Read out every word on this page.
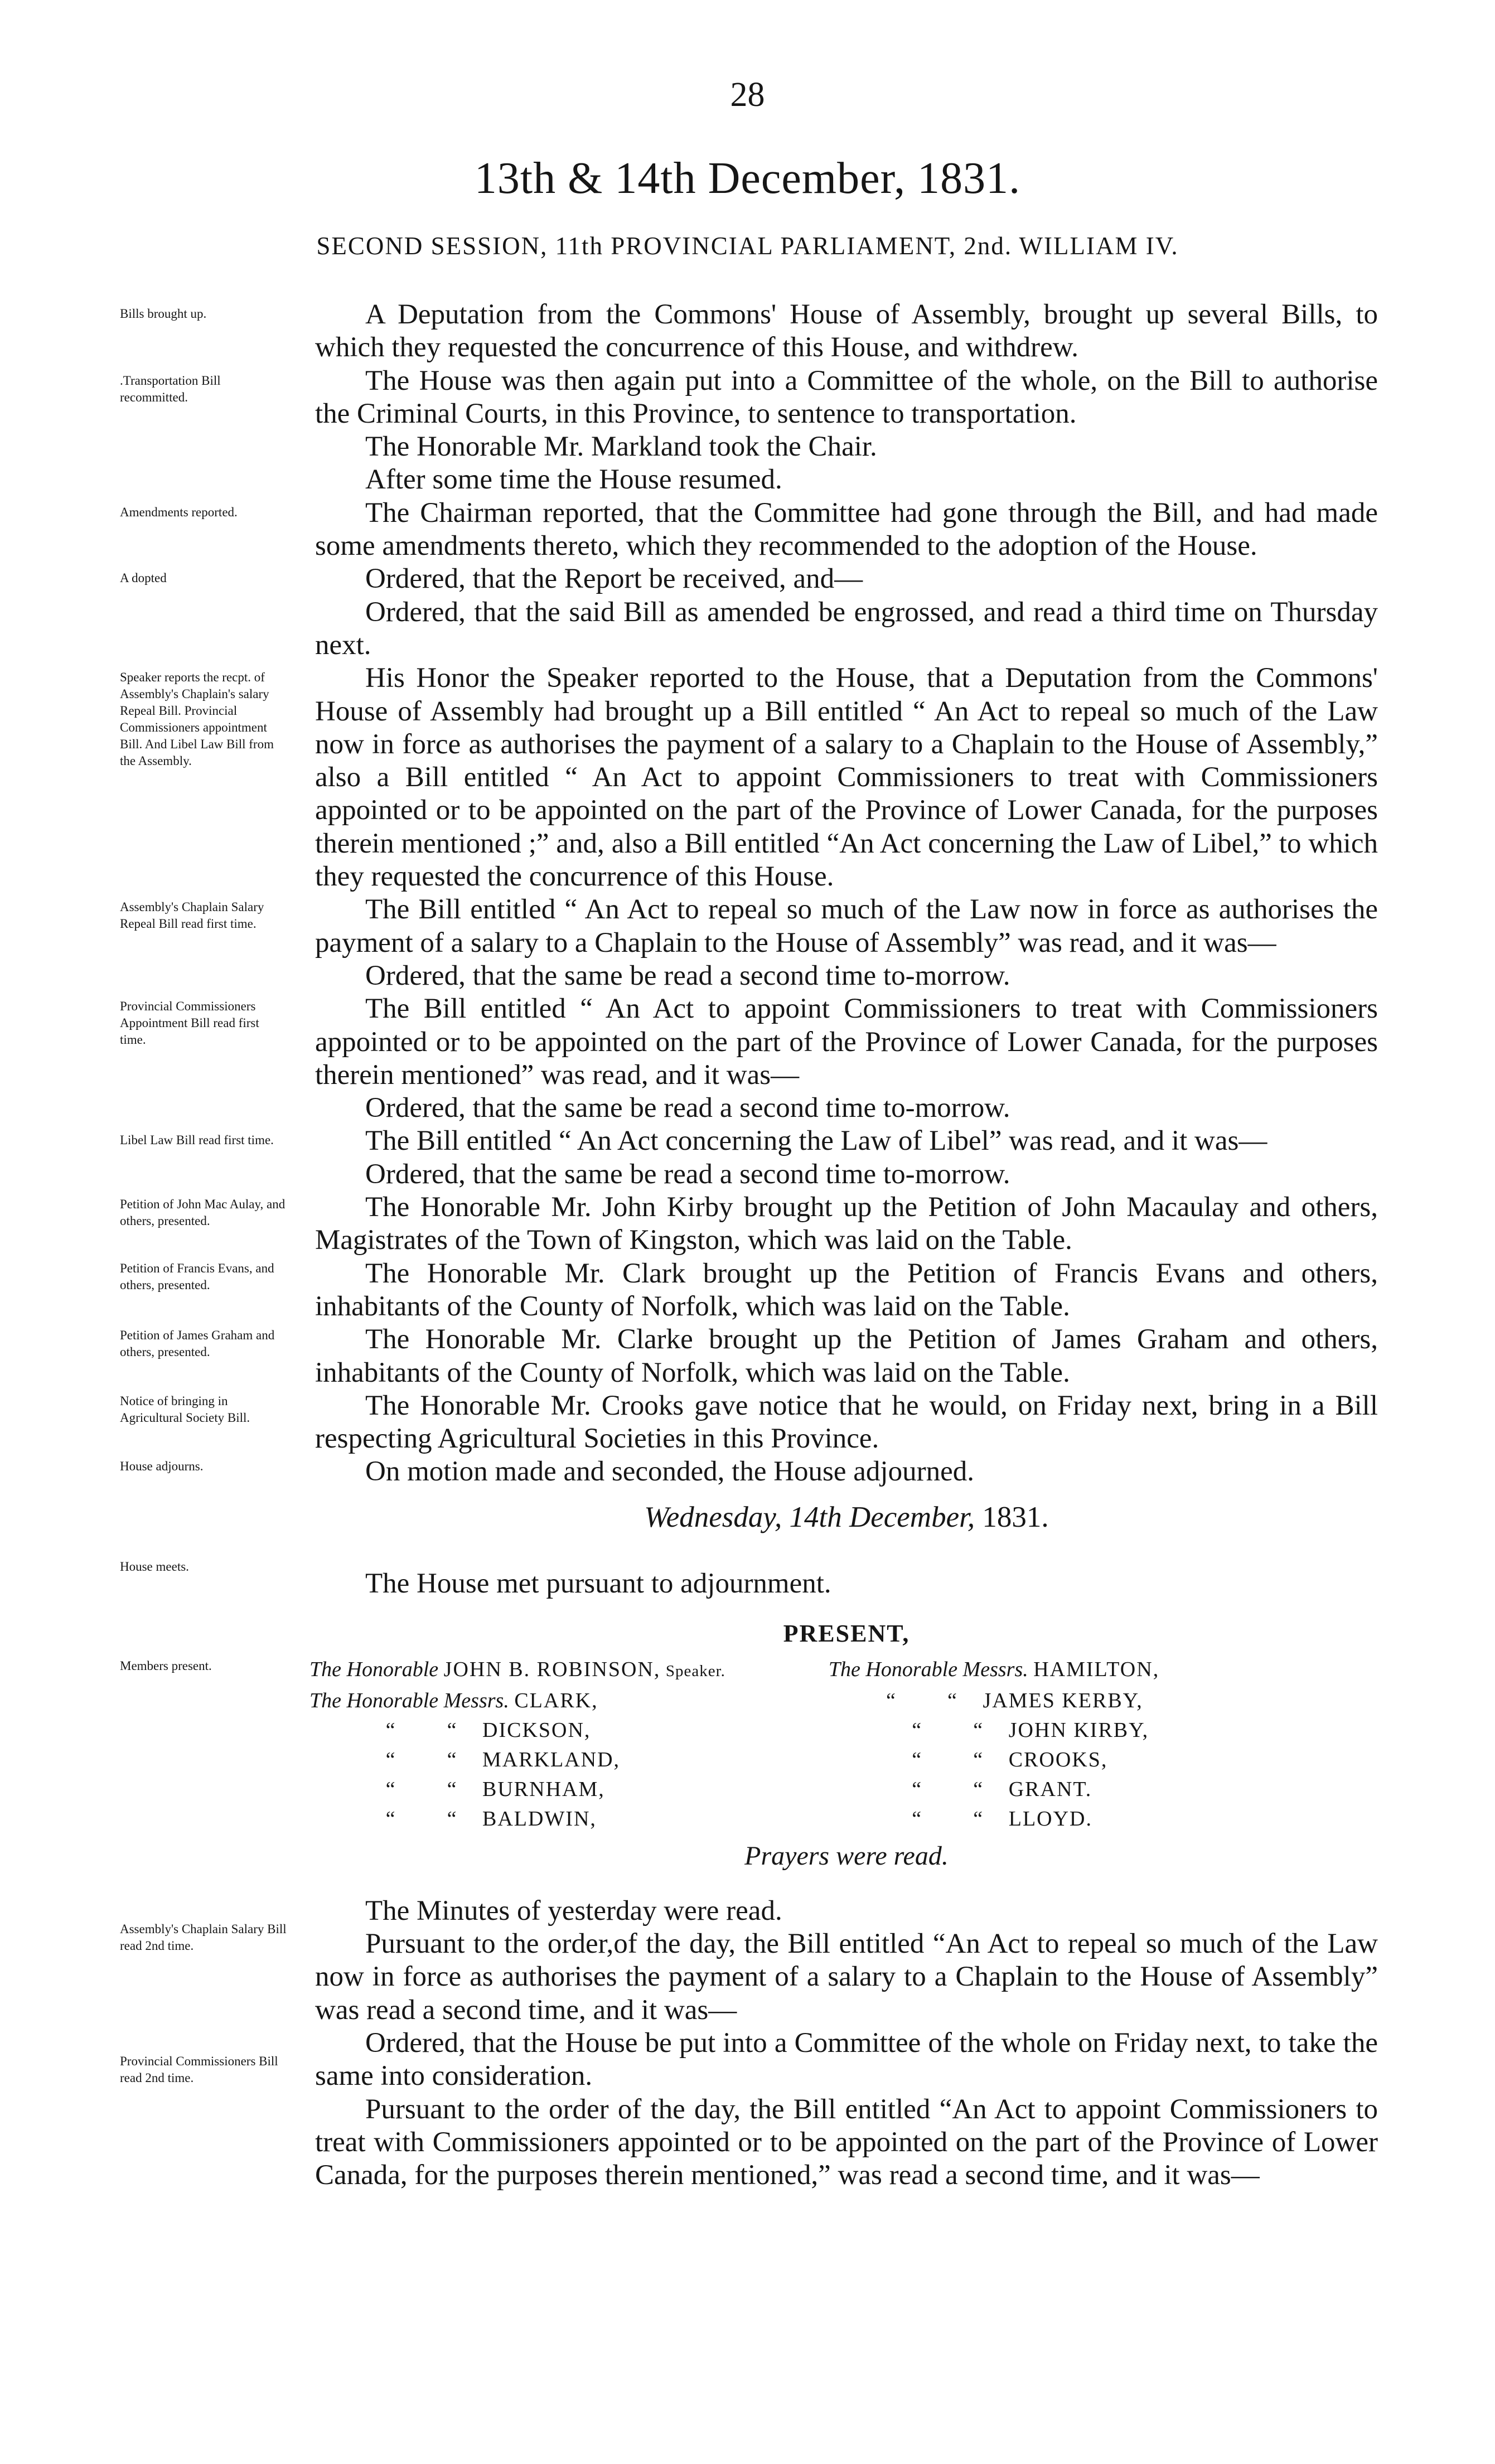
28
13th & 14th December, 1831.
SECOND SESSION, 11th PROVINCIAL PARLIAMENT, 2nd. WILLIAM IV.
Bills brought up.
.Transportation Bill recommitted.
Amendments reported.
A dopted
Speaker reports the recpt. of Assembly's Chaplain's salary Repeal Bill. Provincial Commissioners appointment Bill. And Libel Law Bill from the Assembly.
Assembly's Chaplain Salary Repeal Bill read first time.
Provincial Commissioners Appointment Bill read first time.
Libel Law Bill read first time.
Petition of John Mac Aulay, and others, presented.
Petition of Francis Evans, and others, presented.
Petition of James Graham and others, presented.
Notice of bringing in Agricultural Society Bill.
House adjourns.
House meets.
Members present.
Assembly's Chaplain Salary Bill read 2nd time.
Provincial Commissioners Bill read 2nd time.

A Deputation from the Commons' House of Assembly, brought up several Bills, to which they requested the concurrence of this House, and withdrew.

The House was then again put into a Committee of the whole, on the Bill to authorise the Criminal Courts, in this Province, to sentence to transportation.

The Honorable Mr. Markland took the Chair.

After some time the House resumed.

The Chairman reported, that the Committee had gone through the Bill, and had made some amendments thereto, which they recommended to the adoption of the House.

Ordered, that the Report be received, and—

Ordered, that the said Bill as amended be engrossed, and read a third time on Thursday next.

His Honor the Speaker reported to the House, that a Deputation from the Commons' House of Assembly had brought up a Bill entitled “ An Act to repeal so much of the Law now in force as authorises the payment of a salary to a Chaplain to the House of Assembly,” also a Bill entitled “ An Act to appoint Commissioners to treat with Commissioners appointed or to be appointed on the part of the Province of Lower Canada, for the purposes therein mentioned ;” and, also a Bill entitled “An Act concerning the Law of Libel,” to which they requested the concurrence of this House.

The Bill entitled “ An Act to repeal so much of the Law now in force as authorises the payment of a salary to a Chaplain to the House of Assembly” was read, and it was—

Ordered, that the same be read a second time to-morrow.

The Bill entitled “ An Act to appoint Commissioners to treat with Commissioners appointed or to be appointed on the part of the Province of Lower Canada, for the purposes therein mentioned” was read, and it was—

Ordered, that the same be read a second time to-morrow.

The Bill entitled “ An Act concerning the Law of Libel” was read, and it was—

Ordered, that the same be read a second time to-morrow.

The Honorable Mr. John Kirby brought up the Petition of John Macaulay and others, Magistrates of the Town of Kingston, which was laid on the Table.

The Honorable Mr. Clark brought up the Petition of Francis Evans and others, inhabitants of the County of Norfolk, which was laid on the Table.

The Honorable Mr. Clarke brought up the Petition of James Graham and others, inhabitants of the County of Norfolk, which was laid on the Table.

The Honorable Mr. Crooks gave notice that he would, on Friday next, bring in a Bill respecting Agricultural Societies in this Province.

On motion made and seconded, the House adjourned.

Wednesday, 14th December, 1831.

The House met pursuant to adjournment.

PRESENT,
The Honorable JOHN B. ROBINSON, Speaker.	The Honorable Messrs. HAMILTON,
The Honorable Messrs. CLARK,	“ “ JAMES KERBY,
“ “ DICKSON,	“ “ JOHN KIRBY,
“ “ MARKLAND,	“ “ CROOKS,
“ “ BURNHAM,	“ “ GRANT.
“ “ BALDWIN,	“ “ LLOYD.
Prayers were read.

The Minutes of yesterday were read.

Pursuant to the order,of the day, the Bill entitled “An Act to repeal so much of the Law now in force as authorises the payment of a salary to a Chaplain to the House of Assembly” was read a second time, and it was—

Ordered, that the House be put into a Committee of the whole on Friday next, to take the same into consideration.

Pursuant to the order of the day, the Bill entitled “An Act to appoint Commissioners to treat with Commissioners appointed or to be appointed on the part of the Province of Lower Canada, for the purposes therein mentioned,” was read a second time, and it was—
